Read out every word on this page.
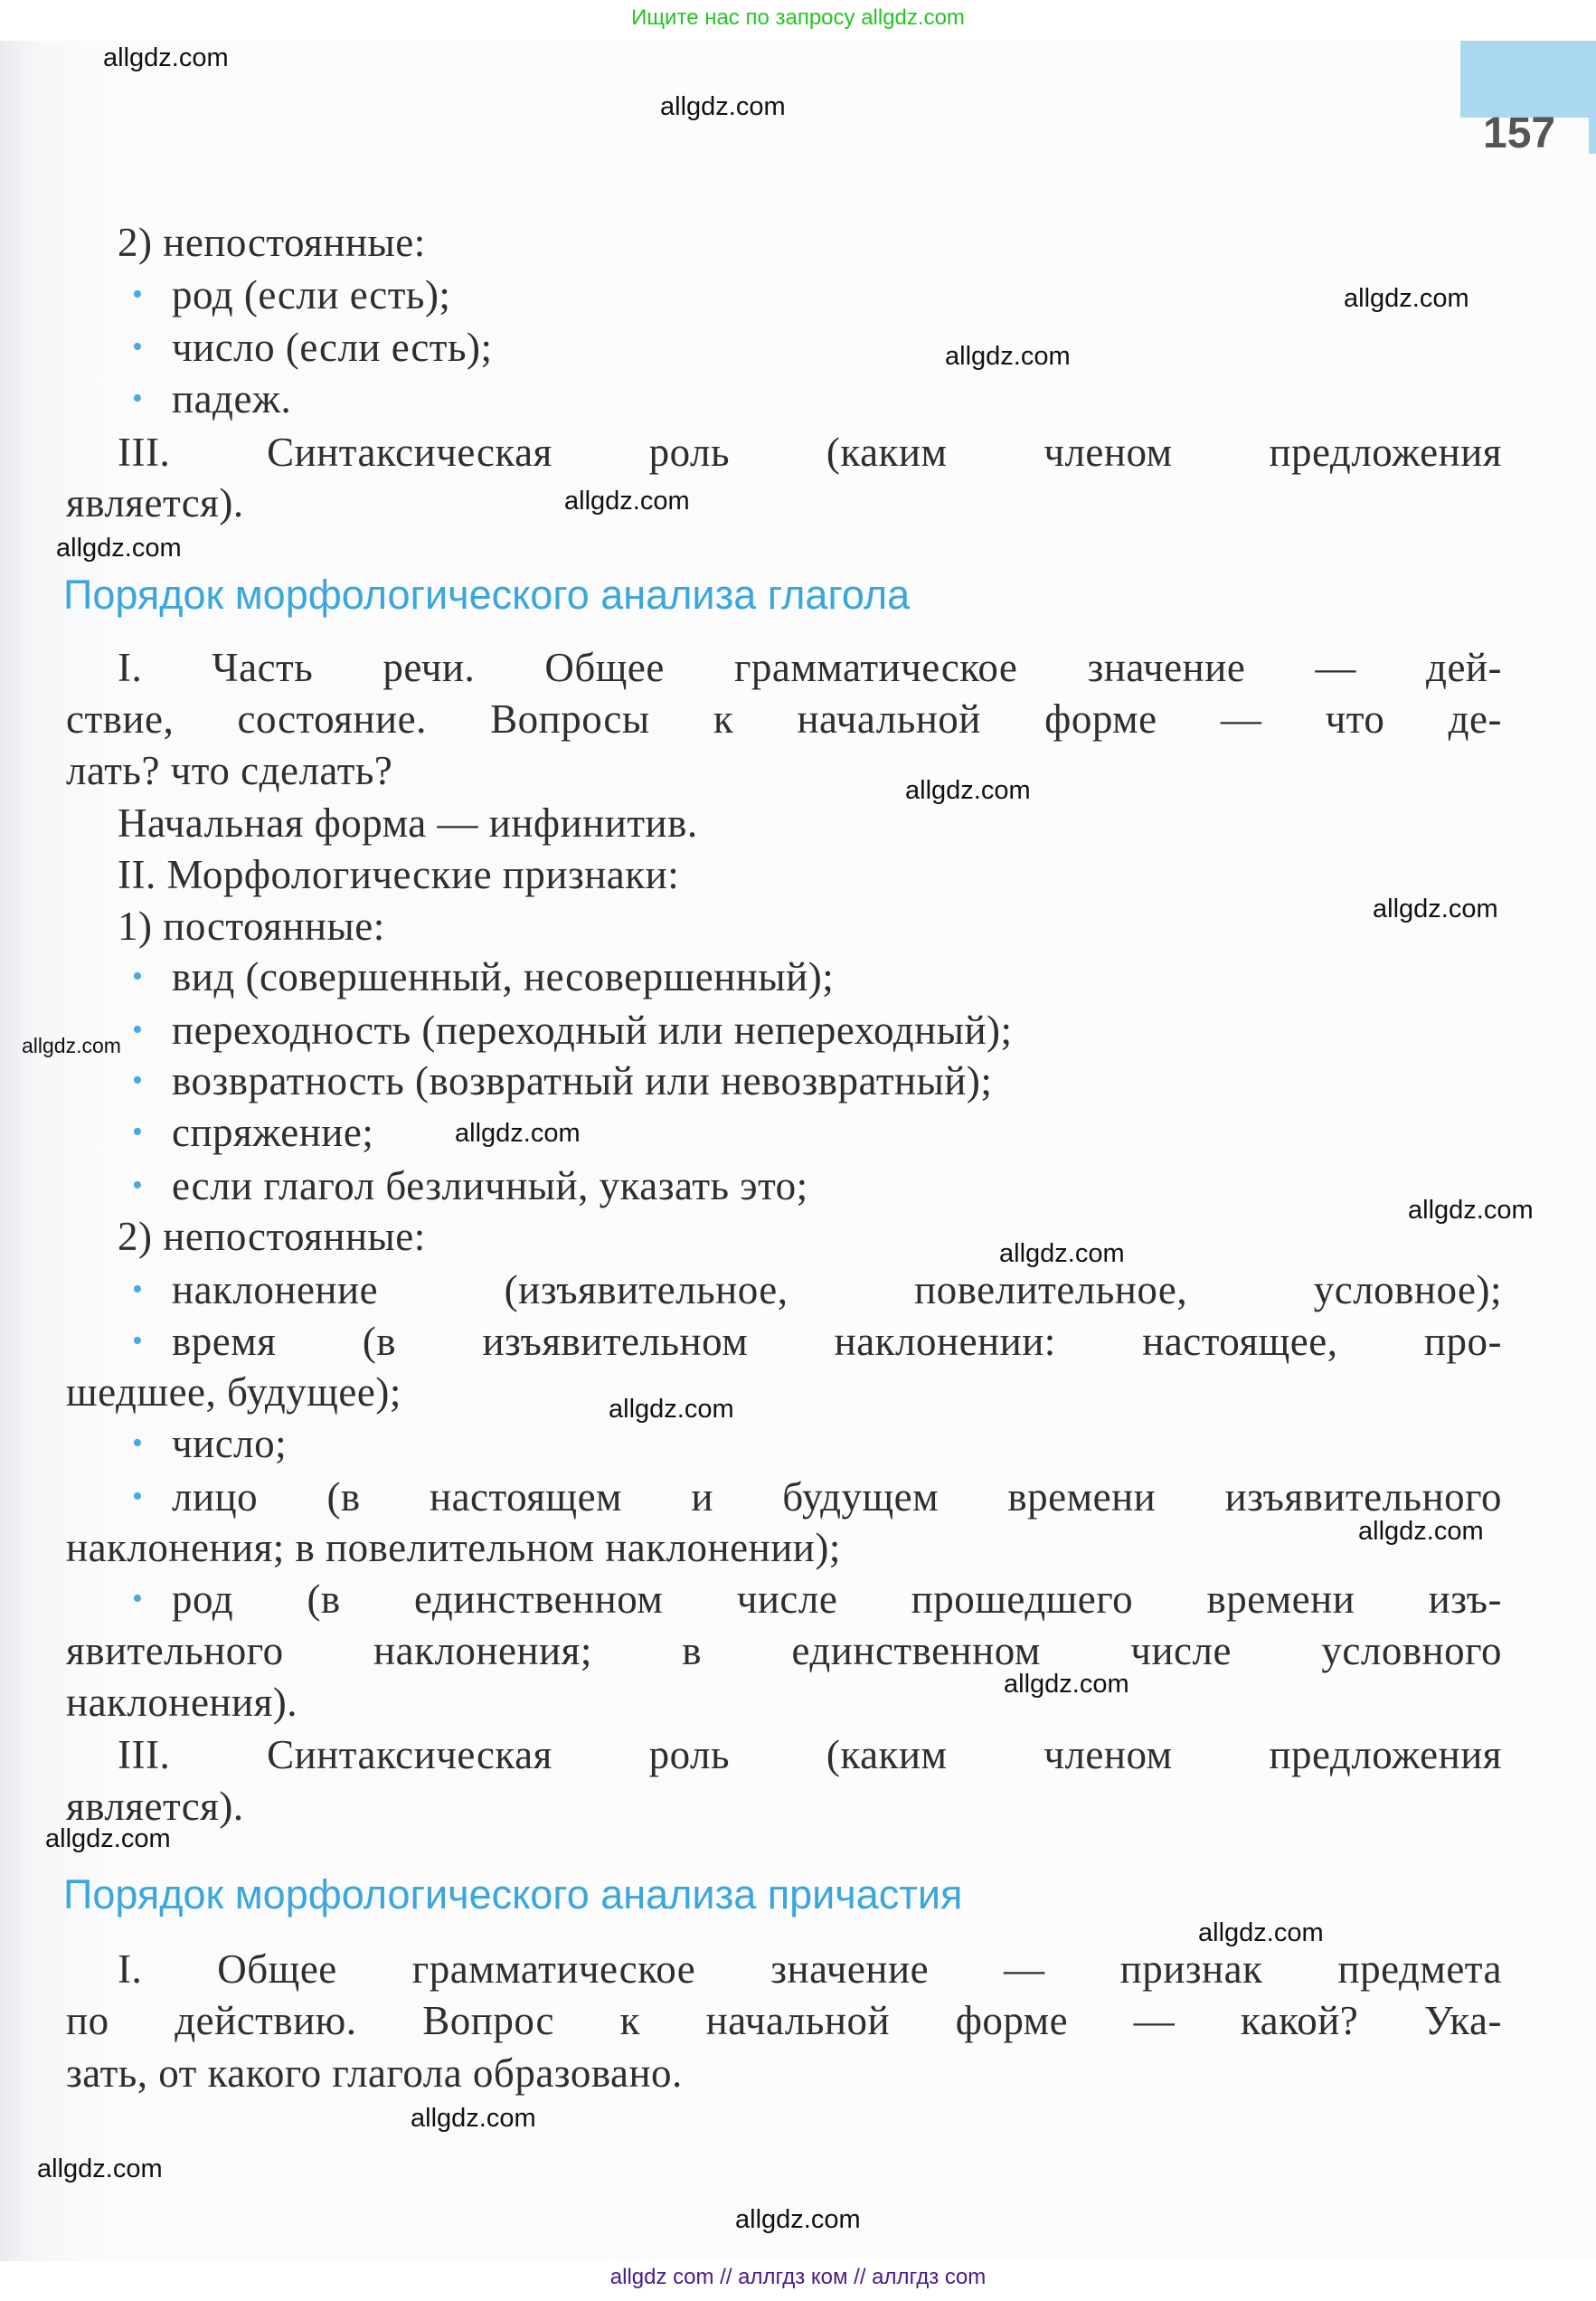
Ищите нас по запросу allgdz.com
157
2) непостоянные:
• род (если есть);
• число (если есть);
• падеж.
III. Синтаксическая роль (каким членом предложения
является).
Порядок морфологического анализа глагола
I. Часть речи. Общее грамматическое значение — дей-
ствие, состояние. Вопросы к начальной форме — что де-
лать? что сделать?
Начальная форма — инфинитив.
II. Морфологические признаки:
1) постоянные:
• вид (совершенный, несовершенный);
• переходность (переходный или непереходный);
• возвратность (возвратный или невозвратный);
• спряжение;
• если глагол безличный, указать это;
2) непостоянные:
• наклонение (изъявительное, повелительное, условное);
• время (в изъявительном наклонении: настоящее, про-
шедшее, будущее);
• число;
• лицо (в настоящем и будущем времени изъявительного
наклонения; в повелительном наклонении);
• род (в единственном числе прошедшего времени изъ-
явительного наклонения; в единственном числе условного
наклонения).
III. Синтаксическая роль (каким членом предложения
является).
Порядок морфологического анализа причастия
I. Общее грамматическое значение — признак предмета
по действию. Вопрос к начальной форме — какой? Ука-
зать, от какого глагола образовано.
allgdz.com
allgdz.com
allgdz.com
allgdz.com
allgdz.com
allgdz.com
allgdz.com
allgdz.com
allgdz.com
allgdz.com
allgdz.com
allgdz.com
allgdz.com
allgdz.com
allgdz.com
allgdz.com
allgdz.com
allgdz.com
allgdz.com
allgdz.com
allgdz com // аллгдз ком // аллгдз com
